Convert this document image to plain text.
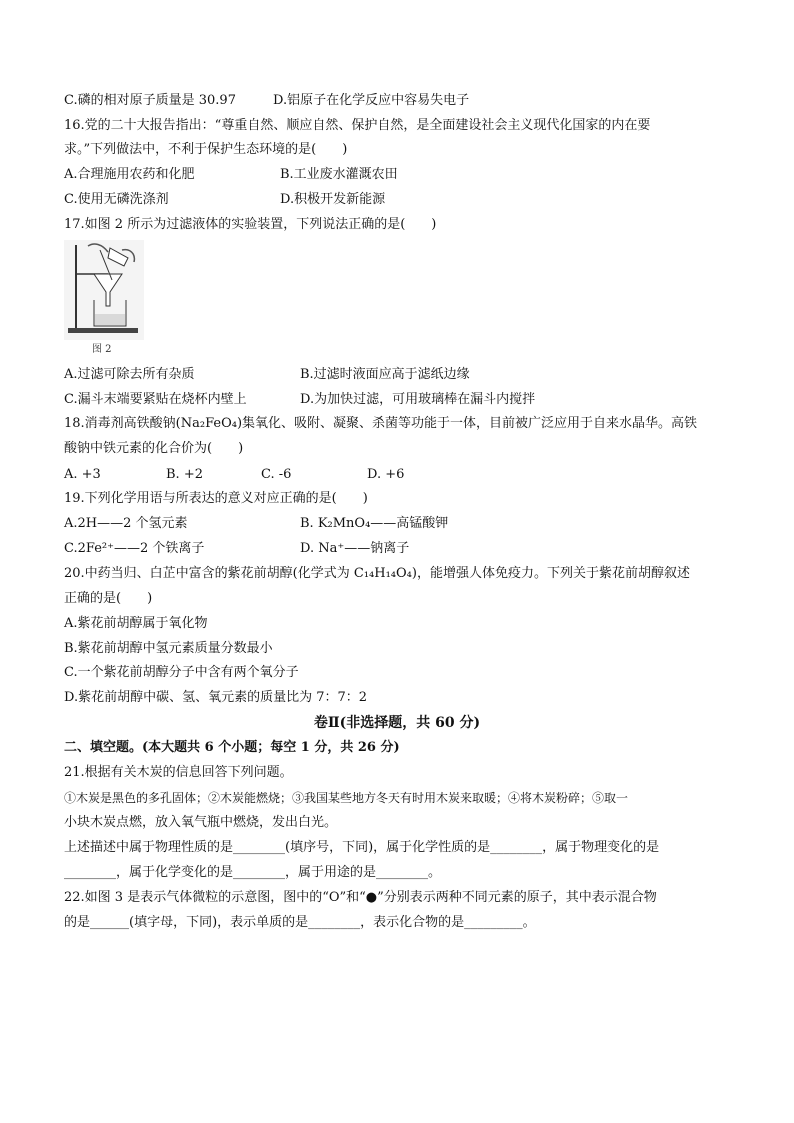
C.磷的相对原子质量是 30.97	D.铝原子在化学反应中容易失电子
16.党的二十大报告指出：“尊重自然、顺应自然、保护自然，是全面建设社会主义现代化国家的内在要
求。”下列做法中，不利于保护生态环境的是(　　)
A.合理施用农药和化肥	B.工业废水灌溉农田
C.使用无磷洗涤剂	D.积极开发新能源
17.如图 2 所示为过滤液体的实验装置，下列说法正确的是(　　)
图 2
A.过滤可除去所有杂质	B.过滤时液面应高于滤纸边缘
C.漏斗末端要紧贴在烧杯内壁上	D.为加快过滤，可用玻璃棒在漏斗内搅拌
18.消毒剂高铁酸钠(Na₂FeO₄)集氧化、吸附、凝聚、杀菌等功能于一体，目前被广泛应用于自来水晶华。高铁
酸钠中铁元素的化合价为(　　)
A. +3	B. +2	C. -6	D. +6
19.下列化学用语与所表达的意义对应正确的是(　　)
A.2H——2 个氢元素	B. K₂MnO₄——高锰酸钾
C.2Fe²⁺——2 个铁离子	D. Na⁺——钠离子
20.中药当归、白芷中富含的紫花前胡醇(化学式为 C₁₄H₁₄O₄)，能增强人体免疫力。下列关于紫花前胡醇叙述
正确的是(　　)
A.紫花前胡醇属于氧化物
B.紫花前胡醇中氢元素质量分数最小
C.一个紫花前胡醇分子中含有两个氧分子
D.紫花前胡醇中碳、氢、氧元素的质量比为 7：7：2
卷Ⅱ(非选择题，共 60 分)
二、填空题。(本大题共 6 个小题；每空 1 分，共 26 分)
21.根据有关木炭的信息回答下列问题。
①木炭是黑色的多孔固体；②木炭能燃烧；③我国某些地方冬天有时用木炭来取暖；④将木炭粉碎；⑤取一
小块木炭点燃，放入氧气瓶中燃烧，发出白光。
上述描述中属于物理性质的是________(填序号，下同)，属于化学性质的是________，属于物理变化的是
________，属于化学变化的是________，属于用途的是________。
22.如图 3 是表示气体微粒的示意图，图中的“O”和“●”分别表示两种不同元素的原子，其中表示混合物
的是______(填字母，下同)，表示单质的是________，表示化合物的是_________。
